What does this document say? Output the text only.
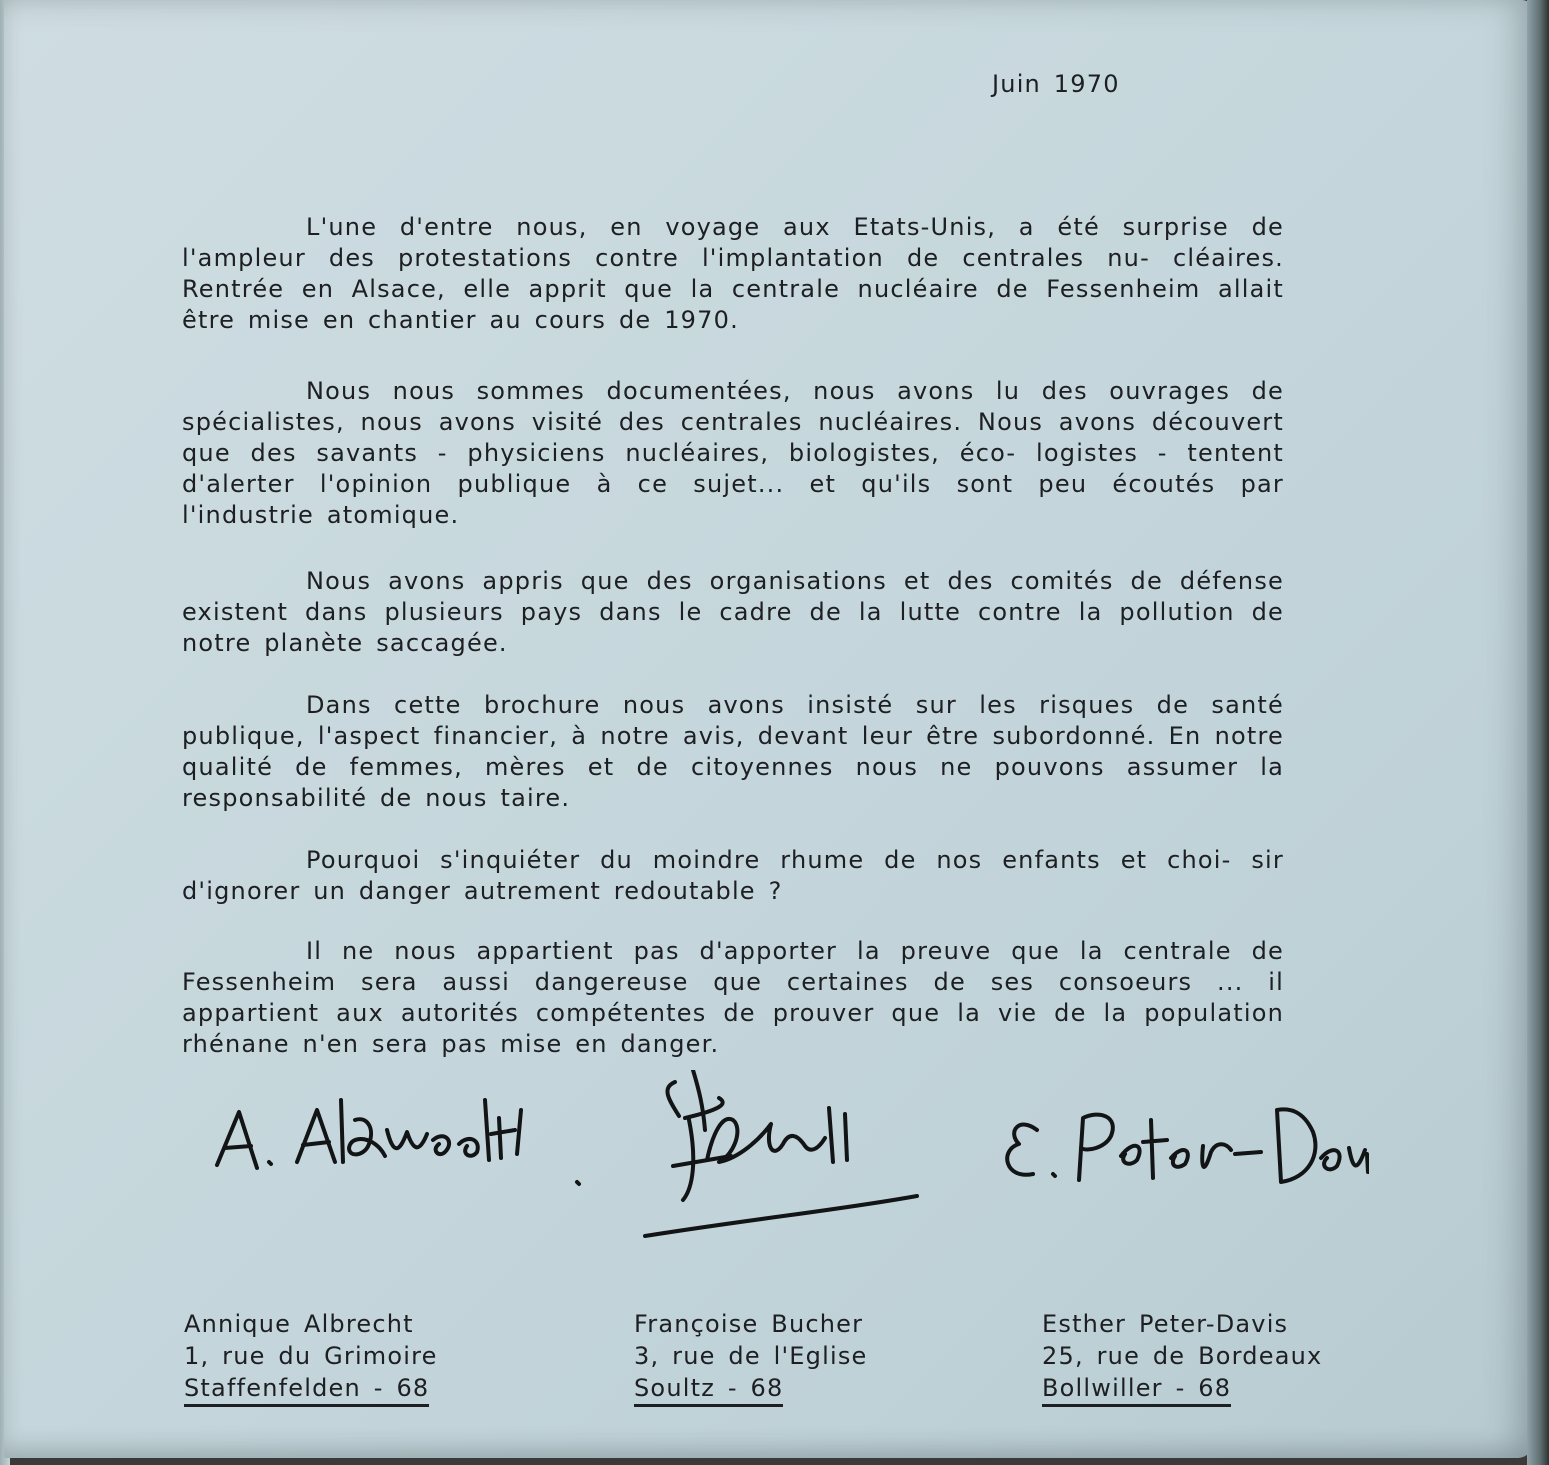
Juin 1970

L'une d'entre nous, en voyage aux Etats-Unis, a été surprise de l'ampleur des protestations contre l'implantation de centrales nu- cléaires. Rentrée en Alsace, elle apprit que la centrale nucléaire de Fessenheim allait être mise en chantier au cours de 1970.

Nous nous sommes documentées, nous avons lu des ouvrages de spécialistes, nous avons visité des centrales nucléaires. Nous avons découvert que des savants - physiciens nucléaires, biologistes, éco- logistes - tentent d'alerter l'opinion publique à ce sujet... et qu'ils sont peu écoutés par l'industrie atomique.

Nous avons appris que des organisations et des comités de défense existent dans plusieurs pays dans le cadre de la lutte contre la pollution de notre planète saccagée.

Dans cette brochure nous avons insisté sur les risques de santé publique, l'aspect financier, à notre avis, devant leur être subordonné. En notre qualité de femmes, mères et de citoyennes nous ne pouvons assumer la responsabilité de nous taire.

Pourquoi s'inquiéter du moindre rhume de nos enfants et choi- sir d'ignorer un danger autrement redoutable ?

Il ne nous appartient pas d'apporter la preuve que la centrale de Fessenheim sera aussi dangereuse que certaines de ses consoeurs ... il appartient aux autorités compétentes de prouver que la vie de la population rhénane n'en sera pas mise en danger.

Annique Albrecht
1, rue du Grimoire
Staffenfelden - 68
Françoise Bucher
3, rue de l'Eglise
Soultz - 68
Esther Peter-Davis
25, rue de Bordeaux
Bollwiller - 68
